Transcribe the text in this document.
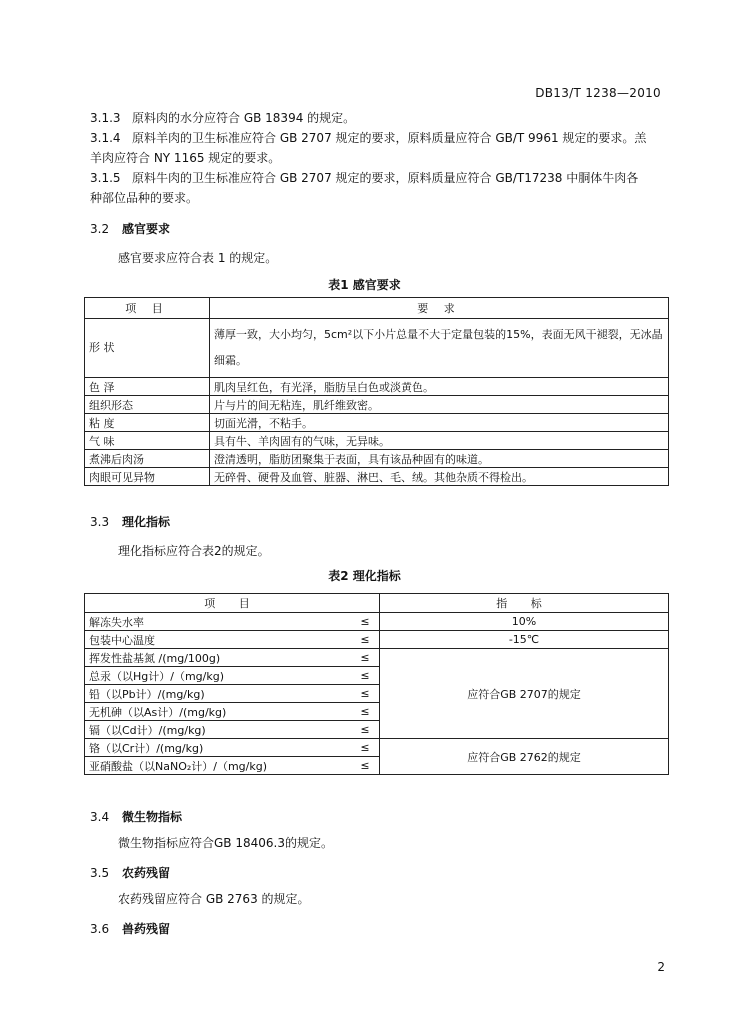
DB13/T 1238—2010
3.1.3 原料肉的水分应符合 GB 18394 的规定。
3.1.4 原料羊肉的卫生标准应符合 GB 2707 规定的要求，原料质量应符合 GB/T 9961 规定的要求。羔
羊肉应符合 NY 1165 规定的要求。
3.1.5 原料牛肉的卫生标准应符合 GB 2707 规定的要求，原料质量应符合 GB/T17238 中胴体牛肉各
种部位品种的要求。
3.2 感官要求
感官要求应符合表 1 的规定。
表1 感官要求
项 目	要 求
形 状	薄厚一致，大小均匀，5cm²以下小片总量不大于定量包装的15%，表面无风干褪裂，无冰晶细霜。
色 泽	肌肉呈红色，有光泽，脂肪呈白色或淡黄色。
组织形态	片与片的间无粘连，肌纤维致密。
粘 度	切面光滑，不粘手。
气 味	具有牛、羊肉固有的气味，无异味。
煮沸后肉汤	澄清透明，脂肪团聚集于表面，具有该品种固有的味道。
肉眼可见异物	无碎骨、硬骨及血管、脏器、淋巴、毛、绒。其他杂质不得检出。
3.3 理化指标
理化指标应符合表2的规定。
表2 理化指标
项 目		指 标
解冻失水率	≤	10%
包装中心温度	≤	-15℃
挥发性盐基氮 /(mg/100g)	≤	应符合GB 2707的规定
总汞（以Hg计）/（mg/kg)	≤	
铅（以Pb计）/(mg/kg)	≤	
无机砷（以As计）/(mg/kg)	≤	
镉（以Cd计）/(mg/kg)	≤	
铬（以Cr计）/(mg/kg)	≤	应符合GB 2762的规定
亚硝酸盐（以NaNO₂计）/（mg/kg)	≤	
3.4 微生物指标
微生物指标应符合GB 18406.3的规定。
3.5 农药残留
农药残留应符合 GB 2763 的规定。
3.6 兽药残留
2
